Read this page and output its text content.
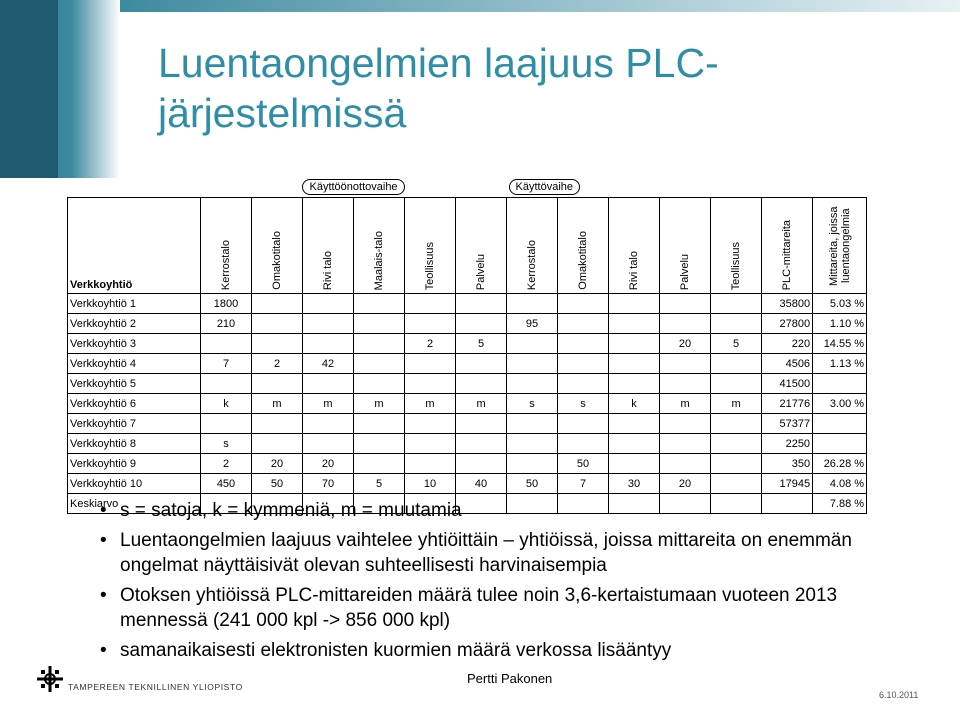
Luentaongelmien laajuus PLC-
järjestelmissä
	Käyttöönottovaihe						Käyttövaihe						
Verkkoyhtiö	Kerrostalo	Omakotitalo	Rivi talo	Maalais-talo	Teollisuus	Palvelu	Kerrostalo	Omakotitalo	Rivi talo	Palvelu	Teollisuus	PLC-mittareita	Mittareita, joissa luentaongelmia
Verkkoyhtiö 1	1800											35800	5.03 %
Verkkoyhtiö 2	210						95					27800	1.10 %
Verkkoyhtiö 3					2	5				20	5	220	14.55 %
Verkkoyhtiö 4	7	2	42									4506	1.13 %
Verkkoyhtiö 5												41500	
Verkkoyhtiö 6	k	m	m	m	m	m	s	s	k	m	m	21776	3.00 %
Verkkoyhtiö 7												57377	
Verkkoyhtiö 8	s											2250	
Verkkoyhtiö 9	2	20	20					50				350	26.28 %
Verkkoyhtiö 10	450	50	70	5	10	40	50	7	30	20		17945	4.08 %
Keskiarvo													7.88 %
• s = satoja, k = kymmeniä, m = muutamia
• Luentaongelmien laajuus vaihtelee yhtiöittäin – yhtiöissä, joissa mittareita on enemmän ongelmat näyttäisivät olevan suhteellisesti harvinaisempia
• Otoksen yhtiöissä PLC-mittareiden määrä tulee noin 3,6-kertaistumaan vuoteen 2013 mennessä (241 000 kpl -> 856 000 kpl)
• samanaikaisesti elektronisten kuormien määrä verkossa lisääntyy
TAMPEREEN TEKNILLINEN YLIOPISTO
Pertti Pakonen
6.10.2011
